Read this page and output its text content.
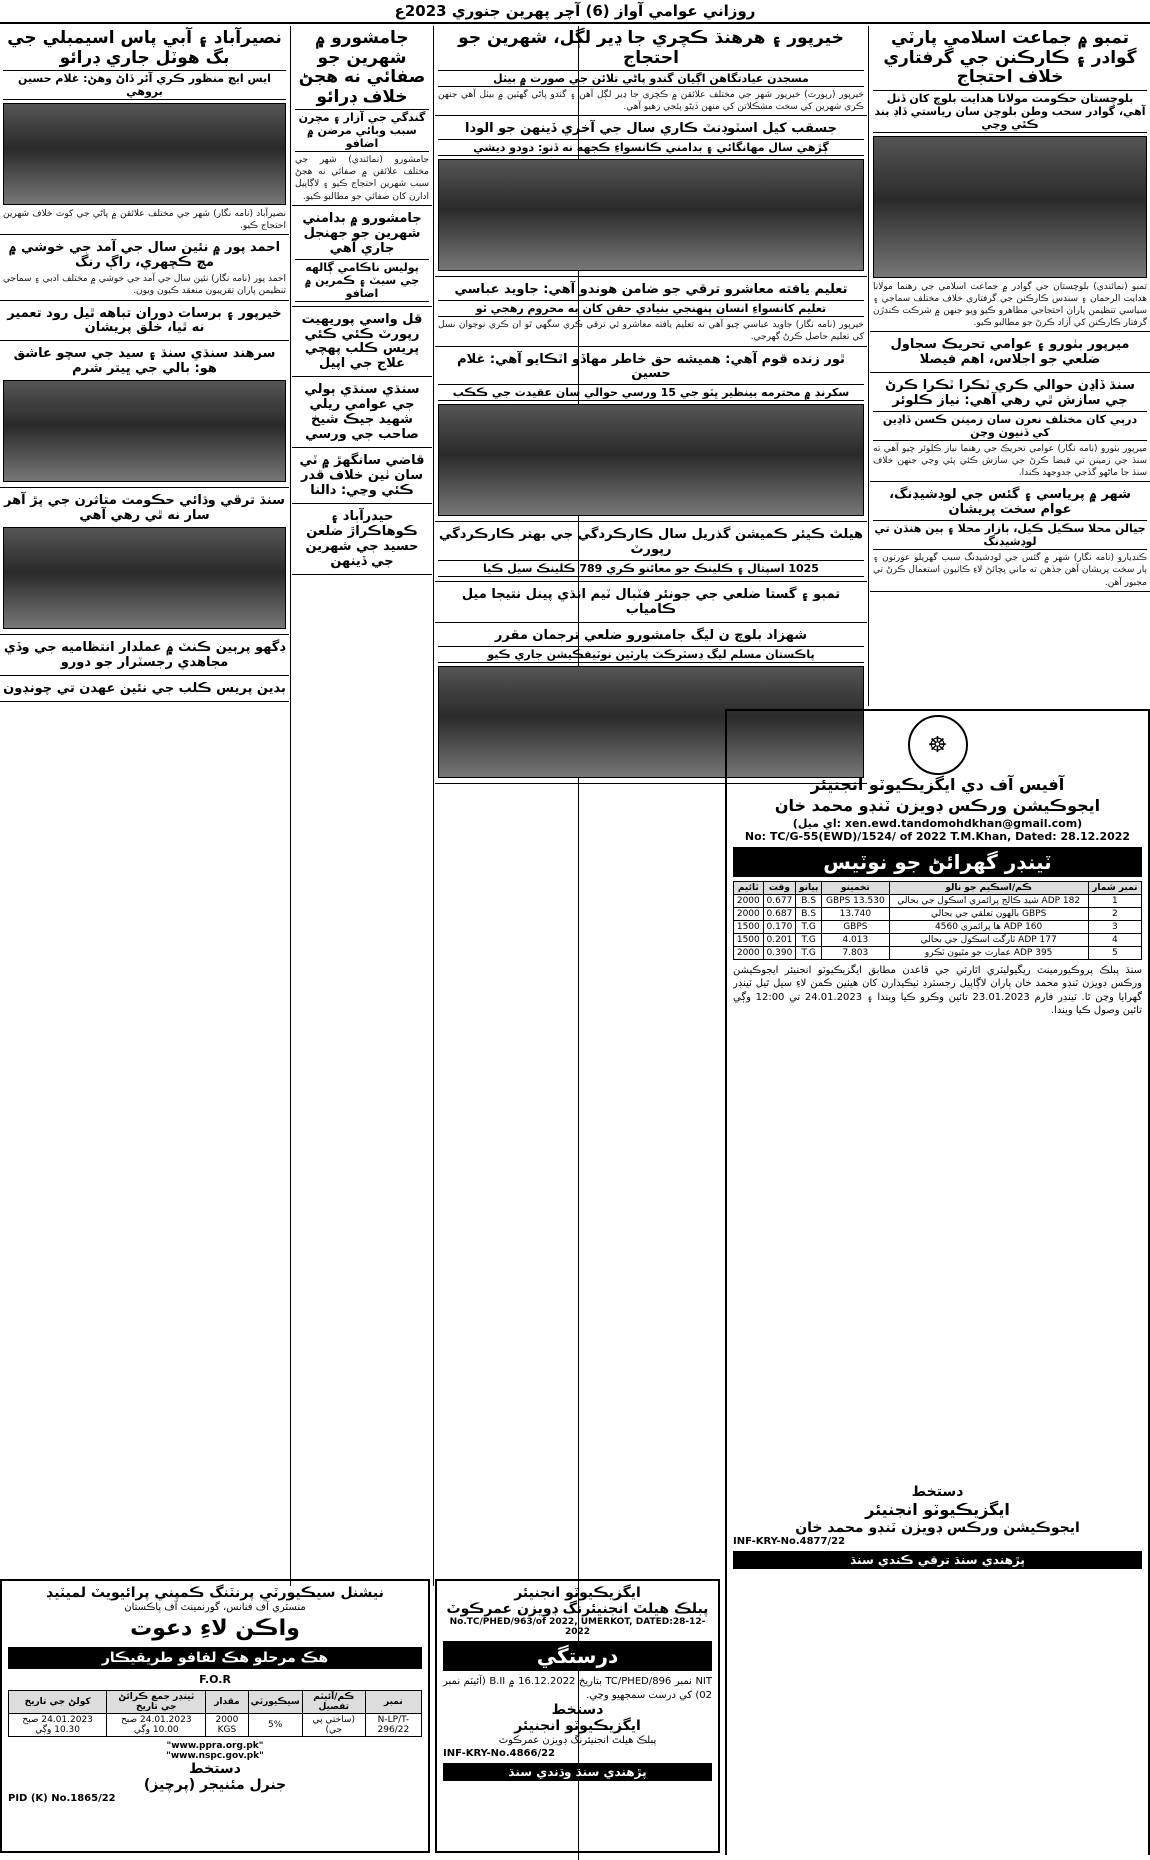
روزاني عوامي آواز (6) آچر پهرين جنوري 2023ع
تمبو ۾ جماعت اسلامي پارٽي گوادر ۽ ڪارڪنن جي گرفتاري خلاف احتجاج
بلوچستان حڪومت مولانا هدايت بلوچ کان ڏنل آهي، گوادر سحب وطن بلوچن سان رياستي ڏاڍ بند ڪئي وڃي
تمبو (نمائندي) بلوچستان جي گوادر ۾ جماعت اسلامي جي رهنما مولانا هدايت الرحمان ۽ سندس ڪارڪنن جي گرفتاري خلاف مختلف سماجي ۽ سياسي تنظيمن پاران احتجاجي مظاهرو ڪيو ويو جنهن ۾ شرڪت ڪندڙن گرفتار ڪارڪنن کي آزاد ڪرڻ جو مطالبو ڪيو.
ميرپور بٺورو ۽ عوامي تحريڪ سجاول ضلعي جو اجلاس، اهم فيصلا
سنڌ ڏاڍن حوالي ڪري ٽڪرا ٽڪرا ڪرڻ جي سازش ٿي رهي آهي: نياز ڪلوئر
درٻي کان مختلف نعرن سان زمينن ڪسن ڏاڍين کي ڏنيون وڃن
ميرپور بٺورو (نامه نگار) عوامي تحريڪ جي رهنما نياز ڪلوئر چيو آهي ته سنڌ جي زمينن تي قبضا ڪرڻ جي سازش ڪئي پئي وڃي جنهن خلاف سنڌ جا ماڻهو گڏجي جدوجهد ڪندا.
شهر ۾ پرياسي ۽ گئس جي لوڊشيڊنگ، عوام سخت پريشان
جيالن محلا سڪيل ڪيل، ٻازار محلا ۽ ٻين هنڌن تي لوڊشيڊنگ
ڪنڊيارو (نامه نگار) شهر ۾ گئس جي لوڊشيڊنگ سبب گهريلو عورتون ۽ ٻار سخت پريشان آهن جڏهن ته ماني پچائڻ لاءِ ڪاٺيون استعمال ڪرڻ تي مجبور آهن.
خيرپور ۽ هرهنڌ ڪچري جا ڍير لڳل، شهرين جو احتجاج
مسجدن عيادتگاهن اڳيان گندو پاڻي تلائن جي صورت ۾ بيٺل
خيرپور (رپورٽ) خيرپور شهر جي مختلف علائقن ۾ ڪچري جا ڍير لڳل آهن ۽ گندو پاڻي گهٽين ۾ بيٺل آهي جنهن ڪري شهرين کي سخت مشڪلاتن کي منهن ڏيڻو پئجي رهيو آهي.
جسقب کيل اسٽوڊنٽ ڪاري سال جي آخري ڏينهن جو الودا
ڳڙهي سال مهانگائي ۽ بدامني ڪانسواءِ ڪجهه نه ڏنو: دودو ديشي
تعليم يافته معاشرو ترقي جو ضامن هوندو آهي: جاويد عباسي
تعليم کانسواءِ انسان پنهنجي بنيادي حقن کان به محروم رهجي ٿو
خيرپور (نامه نگار) جاويد عباسي چيو آهي ته تعليم يافته معاشرو ئي ترقي ڪري سگهي ٿو ان ڪري نوجوان نسل کي تعليم حاصل ڪرڻ گهرجي.
ٿور زنده قوم آهي: هميشه حق خاطر مهاڏو اٽڪايو آهي: غلام حسين
سکرنڊ ۾ محترمه بينظير ڀٽو جي 15 ورسي حوالي سان عقيدت جي ڪڪب
هيلٿ ڪيئر ڪميشن گذريل سال ڪارڪردگي جي بهتر ڪارڪردگي رپورٽ
1025 اسپتال ۽ ڪلينڪ جو معائنو ڪري 789 ڪلينڪ سيل ڪيا
تمبو ۽ گستا ضلعي جي جونئر فٽبال ٽيم انڌي پينل نتيجا ميل ڪامياب
شهزاد بلوچ ن ليگ جامشورو ضلعي ترجمان مقرر
پاڪستان مسلم ليگ ڊسٽرڪٽ پارٽين نوٽيفڪيشن جاري ڪيو
جامشورو ۾ شهرين جو صفائي نه هجڻ خلاف ڊرائو
گندگي جي آزار ۽ مچرن سبب وبائي مرضن ۾ اضافو
جامشورو (نمائندي) شهر جي مختلف علائقن ۾ صفائي نه هجڻ سبب شهرين احتجاج ڪيو ۽ لاڳاپيل ادارن کان صفائي جو مطالبو ڪيو.
جامشورو ۾ بدامني شهرين جو جهنجل جاري آهي
پوليس ناڪامي ڳالهه جي سيٽ ۽ ڪمرين ۾ اضافو
قل واسي پوريهيت رپورٽ ڪئي ڪئي پريس ڪلب پهچي علاج جي اپيل
سنڌي سنڌي ٻولي جي عوامي ريلي شهيد جيڪ شيخ صاحب جي ورسي
قاضي سانگهڙ ۾ ٽي سان ٺين خلاف قدر ڪئي وڃي: دالنا
حيدرآباد ۽ ڪوهاڪراڙ ضلعن حسيد جي شهرين جي ڏينهن
نصيرآباد ۽ آبي پاس اسيمبلي جي بگ هوٽل جاري ڊرائو
ايس ايچ منظور ڪري آئر ڏاڻ وهڻ: غلام حسين بروهي
نصيرآباد (نامه نگار) شهر جي مختلف علائقن ۾ پاڻي جي کوٽ خلاف شهرين احتجاج ڪيو.
احمد پور ۾ نئين سال جي آمد جي خوشي ۾ مچ ڪچهري، راڳ رنگ
احمد پور (نامه نگار) نئين سال جي آمد جي خوشي ۾ مختلف ادبي ۽ سماجي تنظيمن پاران تقريبون منعقد ڪيون ويون.
خيرپور ۽ برسات دوران تباهه ٿيل رود تعمير نه ٿيا، خلق پريشان
سرهند سنڌي سنڌ ۽ سيد جي سچو عاشق هو: بالي جي ڀيتر شرم
سنڌ ترقي وڌائي حڪومت متاثرن جي پڙ آهر سار نه ٿي رهي آهي
ڊگهو پرٻين ڪنٽ ۾ عملدار انتظاميه جي وڏي مجاهدي رجسٽرار جو دورو
بدين پريس ڪلب جي نئين عهدن تي چونڊون
☸
آفيس آف دي ايگزيڪيوٽو انجنيئر
ايجوڪيشن ورڪس ڊويزن ٽنڊو محمد خان
(اي ميل: xen.ewd.tandomohdkhan@gmail.com)
No: TC/G-55(EWD)/1524/ of 2022 T.M.Khan, Dated: 28.12.2022
ٽينڊر گهرائڻ جو نوٽيس
نمبر شمار	ڪم/اسڪيم جو نالو	تخمينو	ٻيانو	وقت	ٽائيم
1	ADP 182 شيڊ ڪالج پرائمري اسڪول جي بحالي	GBPS 13.530	B.S	0.677	2000
2	GBPS بالهون تعلقي جي بحالي	13.740	B.S	0.687	2000
3	ADP 160 ها پرائمري 4560	GBPS	T.G	0.170	1500
4	ADP 177 ٽارگٽ اسڪول جي بحالي	4.013	T.G	0.201	1500
5	ADP 395 عمارت جو مٿيون ٽڪرو	7.803	T.G	0.390	2000
سنڌ پبلڪ پروڪيورمينٽ ريگيوليٽري اٿارٽي جي قاعدن مطابق ايگزيڪيوٽو انجنيئر ايجوڪيشن ورڪس ڊويزن ٽنڊو محمد خان پاران لاڳاپيل رجسٽرڊ ٺيڪيدارن کان هيٺين ڪمن لاءِ سيل ٿيل ٽينڊر گهرايا وڃن ٿا. ٽينڊر فارم 23.01.2023 تائين وڪرو ڪيا ويندا ۽ 24.01.2023 تي 12:00 وڳي تائين وصول ڪيا ويندا.
دستخط
ايگزيڪيوٽو انجنيئر
ايجوڪيشن ورڪس ڊويزن ٽنڊو محمد خان
INF-KRY-No.4877/22
پڙهندي سنڌ ترقي ڪندي سنڌ
ايگزيڪيوٽو انجنيئر
پبلڪ هيلٿ انجنيئرنگ ڊويزن عمرڪوٽ
No.TC/PHED/963/of 2022, UMERKOT, DATED:28-12-2022
درستگي
NIT نمبر TC/PHED/896 بتاريخ 16.12.2022 ۾ B.II (آئيٽم نمبر 02) کي درست سمجهيو وڃي.
دستخط
ايگزيڪيوٽو انجنيئر
پبلڪ هيلٿ انجنيئرنگ ڊويزن عمرڪوٽ
INF-KRY-No.4866/22
پڙهندي سنڌ وڌندي سنڌ
نيشنل سيڪيورٽي پرنٽنگ ڪمپني پرائيويٽ لميٽيڊ
منسٽري آف فنانس، گورنمينٽ آف پاڪستان
واڪن لاءِ دعوت
هڪ مرحلو هڪ لفافو طريقيڪار
F.O.R
نمبر	ڪم/آئيٽم تفصيل	سيڪيورٽي	مقدار	ٽينڊر جمع ڪرائڻ جي تاريخ	کولڻ جي تاريخ
N-LP/T-296/22	(ساختي پي جي)	5%	2000 KGS	24.01.2023 صبح 10.00 وڳي	24.01.2023 صبح 10.30 وڳي
"www.ppra.org.pk"
"www.nspc.gov.pk"
دستخط
جنرل مئنيجر (پرچيز)
PID (K) No.1865/22
